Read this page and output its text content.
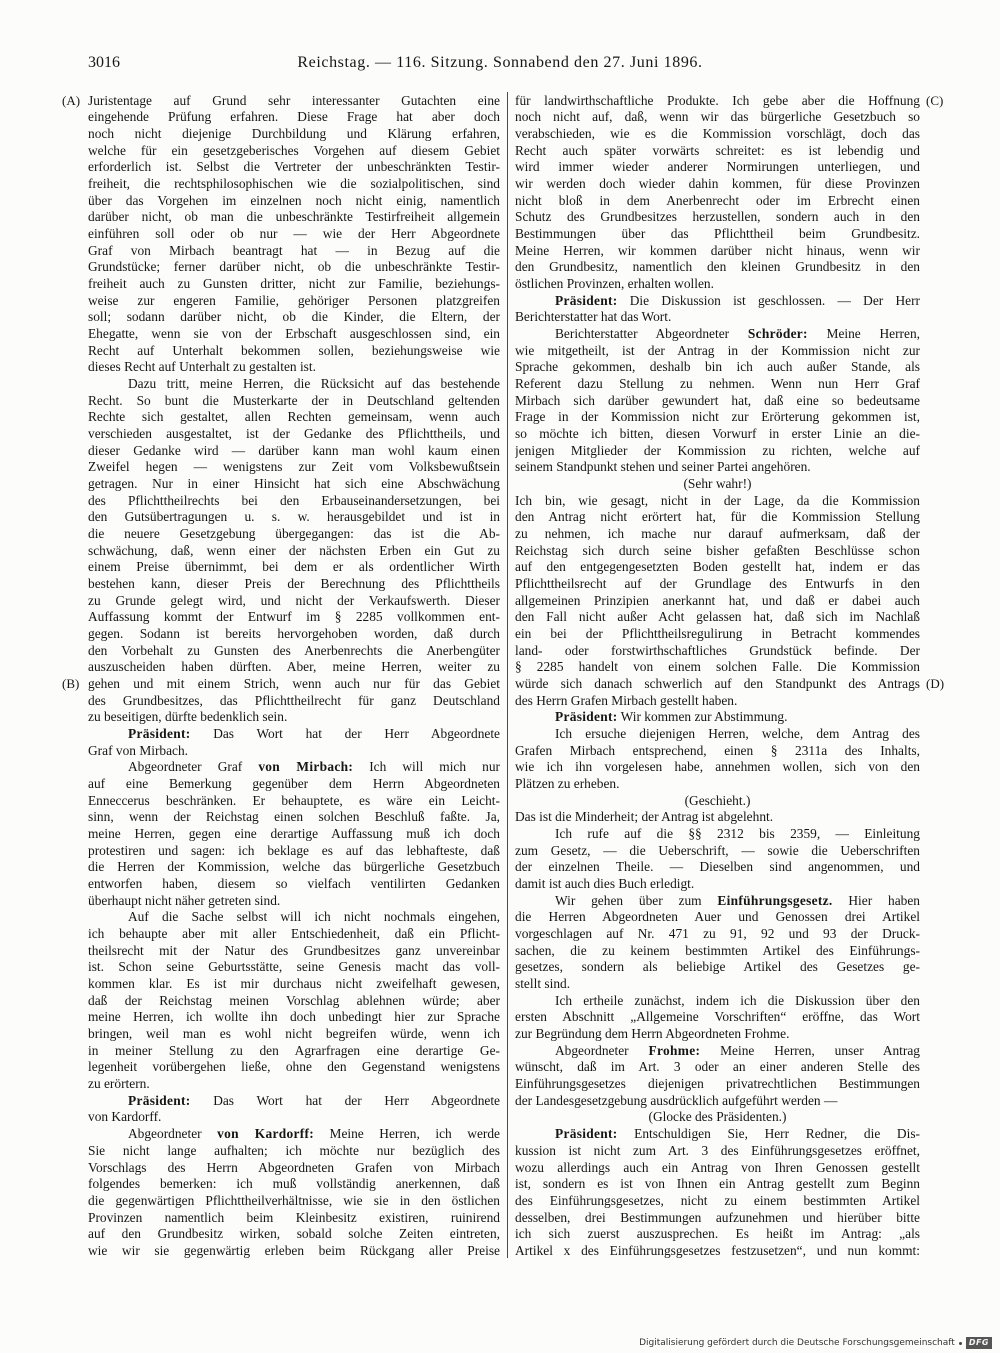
3016	Reichstag. — 116. Sitzung. Sonnabend den 27. Juni 1896.
(A)
(B)
(C)
(D)
Juristentage auf Grund sehr interessanter Gutachten eine
eingehende Prüfung erfahren. Diese Frage hat aber doch
noch nicht diejenige Durchbildung und Klärung erfahren,
welche für ein gesetzgeberisches Vorgehen auf diesem Gebiet
erforderlich ist. Selbst die Vertreter der unbeschränkten Testir-
freiheit, die rechtsphilosophischen wie die sozialpolitischen, sind
über das Vorgehen im einzelnen noch nicht einig, namentlich
darüber nicht, ob man die unbeschränkte Testirfreiheit allgemein
einführen soll oder ob nur — wie der Herr Abgeordnete
Graf von Mirbach beantragt hat — in Bezug auf die
Grundstücke; ferner darüber nicht, ob die unbeschränkte Testir-
freiheit auch zu Gunsten dritter, nicht zur Familie, beziehungs-
weise zur engeren Familie, gehöriger Personen platzgreifen
soll; sodann darüber nicht, ob die Kinder, die Eltern, der
Ehegatte, wenn sie von der Erbschaft ausgeschlossen sind, ein
Recht auf Unterhalt bekommen sollen, beziehungsweise wie
dieses Recht auf Unterhalt zu gestalten ist.
Dazu tritt, meine Herren, die Rücksicht auf das bestehende
Recht. So bunt die Musterkarte der in Deutschland geltenden
Rechte sich gestaltet, allen Rechten gemeinsam, wenn auch
verschieden ausgestaltet, ist der Gedanke des Pflichttheils, und
dieser Gedanke wird — darüber kann man wohl kaum einen
Zweifel hegen — wenigstens zur Zeit vom Volksbewußtsein
getragen. Nur in einer Hinsicht hat sich eine Abschwächung
des Pflichttheilrechts bei den Erbauseinandersetzungen, bei
den Gutsübertragungen u. s. w. herausgebildet und ist in
die neuere Gesetzgebung übergegangen: das ist die Ab-
schwächung, daß, wenn einer der nächsten Erben ein Gut zu
einem Preise übernimmt, bei dem er als ordentlicher Wirth
bestehen kann, dieser Preis der Berechnung des Pflichttheils
zu Grunde gelegt wird, und nicht der Verkaufswerth. Dieser
Auffassung kommt der Entwurf im § 2285 vollkommen ent-
gegen. Sodann ist bereits hervorgehoben worden, daß durch
den Vorbehalt zu Gunsten des Anerbenrechts die Anerbengüter
auszuscheiden haben dürften. Aber, meine Herren, weiter zu
gehen und mit einem Strich, wenn auch nur für das Gebiet
des Grundbesitzes, das Pflichttheilrecht für ganz Deutschland
zu beseitigen, dürfte bedenklich sein.
Präsident: Das Wort hat der Herr Abgeordnete
Graf von Mirbach.
Abgeordneter Graf von Mirbach: Ich will mich nur
auf eine Bemerkung gegenüber dem Herrn Abgeordneten
Enneccerus beschränken. Er behauptete, es wäre ein Leicht-
sinn, wenn der Reichstag einen solchen Beschluß faßte. Ja,
meine Herren, gegen eine derartige Auffassung muß ich doch
protestiren und sagen: ich beklage es auf das lebhafteste, daß
die Herren der Kommission, welche das bürgerliche Gesetzbuch
entworfen haben, diesem so vielfach ventilirten Gedanken
überhaupt nicht näher getreten sind.
Auf die Sache selbst will ich nicht nochmals eingehen,
ich behaupte aber mit aller Entschiedenheit, daß ein Pflicht-
theilsrecht mit der Natur des Grundbesitzes ganz unvereinbar
ist. Schon seine Geburtsstätte, seine Genesis macht das voll-
kommen klar. Es ist mir durchaus nicht zweifelhaft gewesen,
daß der Reichstag meinen Vorschlag ablehnen würde; aber
meine Herren, ich wollte ihn doch unbedingt hier zur Sprache
bringen, weil man es wohl nicht begreifen würde, wenn ich
in meiner Stellung zu den Agrarfragen eine derartige Ge-
legenheit vorübergehen ließe, ohne den Gegenstand wenigstens
zu erörtern.
Präsident: Das Wort hat der Herr Abgeordnete
von Kardorff.
Abgeordneter von Kardorff: Meine Herren, ich werde
Sie nicht lange aufhalten; ich möchte nur bezüglich des
Vorschlags des Herrn Abgeordneten Grafen von Mirbach
folgendes bemerken: ich muß vollständig anerkennen, daß
die gegenwärtigen Pflichttheilverhältnisse, wie sie in den östlichen
Provinzen namentlich beim Kleinbesitz existiren, ruinirend
auf den Grundbesitz wirken, sobald solche Zeiten eintreten,
wie wir sie gegenwärtig erleben beim Rückgang aller Preise
für landwirthschaftliche Produkte. Ich gebe aber die Hoffnung
noch nicht auf, daß, wenn wir das bürgerliche Gesetzbuch so
verabschieden, wie es die Kommission vorschlägt, doch das
Recht auch später vorwärts schreitet: es ist lebendig und
wird immer wieder anderer Normirungen unterliegen, und
wir werden doch wieder dahin kommen, für diese Provinzen
nicht bloß in dem Anerbenrecht oder im Erbrecht einen
Schutz des Grundbesitzes herzustellen, sondern auch in den
Bestimmungen über das Pflichttheil beim Grundbesitz.
Meine Herren, wir kommen darüber nicht hinaus, wenn wir
den Grundbesitz, namentlich den kleinen Grundbesitz in den
östlichen Provinzen, erhalten wollen.
Präsident: Die Diskussion ist geschlossen. — Der Herr
Berichterstatter hat das Wort.
Berichterstatter Abgeordneter Schröder: Meine Herren,
wie mitgetheilt, ist der Antrag in der Kommission nicht zur
Sprache gekommen, deshalb bin ich auch außer Stande, als
Referent dazu Stellung zu nehmen. Wenn nun Herr Graf
Mirbach sich darüber gewundert hat, daß eine so bedeutsame
Frage in der Kommission nicht zur Erörterung gekommen ist,
so möchte ich bitten, diesen Vorwurf in erster Linie an die-
jenigen Mitglieder der Kommission zu richten, welche auf
seinem Standpunkt stehen und seiner Partei angehören.
(Sehr wahr!)
Ich bin, wie gesagt, nicht in der Lage, da die Kommission
den Antrag nicht erörtert hat, für die Kommission Stellung
zu nehmen, ich mache nur darauf aufmerksam, daß der
Reichstag sich durch seine bisher gefaßten Beschlüsse schon
auf den entgegengesetzten Boden gestellt hat, indem er das
Pflichttheilsrecht auf der Grundlage des Entwurfs in den
allgemeinen Prinzipien anerkannt hat, und daß er dabei auch
den Fall nicht außer Acht gelassen hat, daß sich im Nachlaß
ein bei der Pflichttheilsregulirung in Betracht kommendes
land- oder forstwirthschaftliches Grundstück befinde. Der
§ 2285 handelt von einem solchen Falle. Die Kommission
würde sich danach schwerlich auf den Standpunkt des Antrags
des Herrn Grafen Mirbach gestellt haben.
Präsident: Wir kommen zur Abstimmung.
Ich ersuche diejenigen Herren, welche, dem Antrag des
Grafen Mirbach entsprechend, einen § 2311a des Inhalts,
wie ich ihn vorgelesen habe, annehmen wollen, sich von den
Plätzen zu erheben.
(Geschieht.)
Das ist die Minderheit; der Antrag ist abgelehnt.
Ich rufe auf die §§ 2312 bis 2359, — Einleitung
zum Gesetz, — die Ueberschrift, — sowie die Ueberschriften
der einzelnen Theile. — Dieselben sind angenommen, und
damit ist auch dies Buch erledigt.
Wir gehen über zum Einführungsgesetz. Hier haben
die Herren Abgeordneten Auer und Genossen drei Artikel
vorgeschlagen auf Nr. 471 zu 91, 92 und 93 der Druck-
sachen, die zu keinem bestimmten Artikel des Einführungs-
gesetzes, sondern als beliebige Artikel des Gesetzes ge-
stellt sind.
Ich ertheile zunächst, indem ich die Diskussion über den
ersten Abschnitt „Allgemeine Vorschriften“ eröffne, das Wort
zur Begründung dem Herrn Abgeordneten Frohme.
Abgeordneter Frohme: Meine Herren, unser Antrag
wünscht, daß im Art. 3 oder an einer anderen Stelle des
Einführungsgesetzes diejenigen privatrechtlichen Bestimmungen
der Landesgesetzgebung ausdrücklich aufgeführt werden —
(Glocke des Präsidenten.)
Präsident: Entschuldigen Sie, Herr Redner, die Dis-
kussion ist nicht zum Art. 3 des Einführungsgesetzes eröffnet,
wozu allerdings auch ein Antrag von Ihren Genossen gestellt
ist, sondern es ist von Ihnen ein Antrag gestellt zum Beginn
des Einführungsgesetzes, nicht zu einem bestimmten Artikel
desselben, drei Bestimmungen aufzunehmen und hierüber bitte
ich sich zuerst auszusprechen. Es heißt im Antrag: „als
Artikel x des Einführungsgesetzes festzusetzen“, und nun kommt:
Digitalisierung gefördert durch die Deutsche Forschungsgemeinschaft	DFG
